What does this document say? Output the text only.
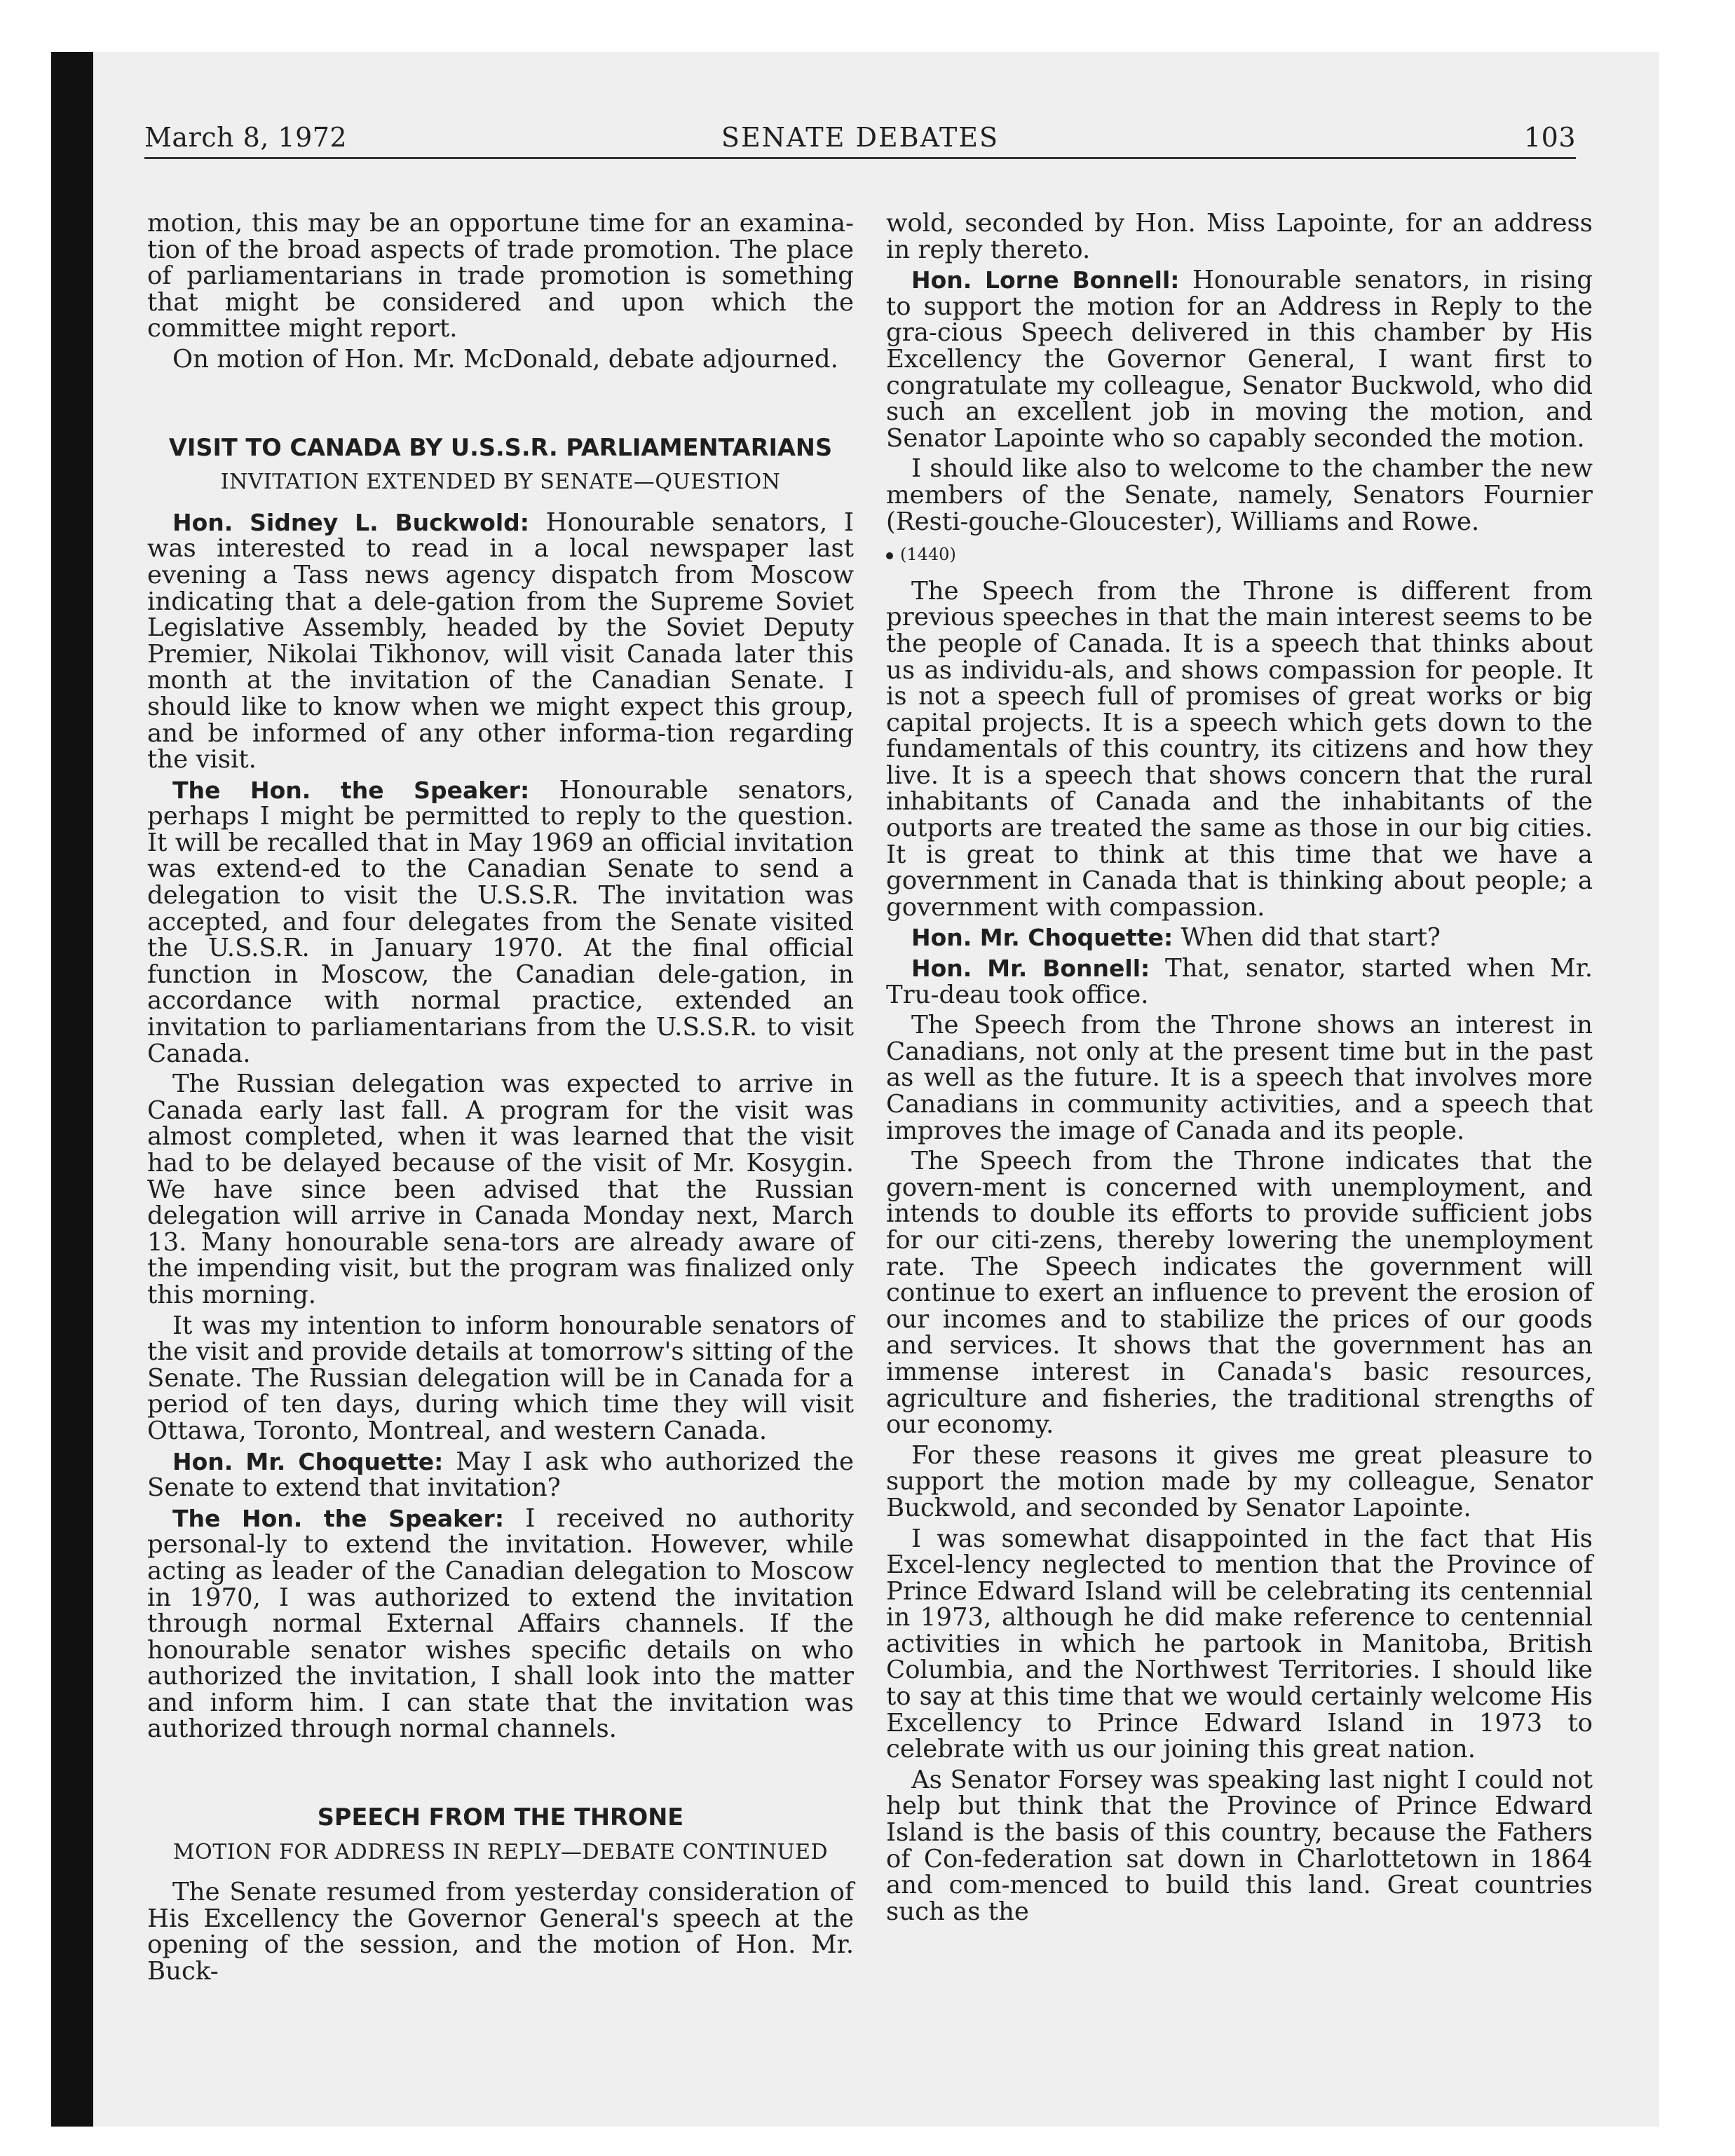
March 8, 1972	SENATE DEBATES	103

motion, this may be an opportune time for an examina-tion of the broad aspects of trade promotion. The place of parliamentarians in trade promotion is something that might be considered and upon which the committee might report.

On motion of Hon. Mr. McDonald, debate adjourned.

VISIT TO CANADA BY U.S.S.R. PARLIAMENTARIANS
INVITATION EXTENDED BY SENATE—QUESTION

Hon. Sidney L. Buckwold: Honourable senators, I was interested to read in a local newspaper last evening a Tass news agency dispatch from Moscow indicating that a dele-gation from the Supreme Soviet Legislative Assembly, headed by the Soviet Deputy Premier, Nikolai Tikhonov, will visit Canada later this month at the invitation of the Canadian Senate. I should like to know when we might expect this group, and be informed of any other informa-tion regarding the visit.

The Hon. the Speaker: Honourable senators, perhaps I might be permitted to reply to the question. It will be recalled that in May 1969 an official invitation was extend-ed to the Canadian Senate to send a delegation to visit the U.S.S.R. The invitation was accepted, and four delegates from the Senate visited the U.S.S.R. in January 1970. At the final official function in Moscow, the Canadian dele-gation, in accordance with normal practice, extended an invitation to parliamentarians from the U.S.S.R. to visit Canada.

The Russian delegation was expected to arrive in Canada early last fall. A program for the visit was almost completed, when it was learned that the visit had to be delayed because of the visit of Mr. Kosygin. We have since been advised that the Russian delegation will arrive in Canada Monday next, March 13. Many honourable sena-tors are already aware of the impending visit, but the program was finalized only this morning.

It was my intention to inform honourable senators of the visit and provide details at tomorrow's sitting of the Senate. The Russian delegation will be in Canada for a period of ten days, during which time they will visit Ottawa, Toronto, Montreal, and western Canada.

Hon. Mr. Choquette: May I ask who authorized the Senate to extend that invitation?

The Hon. the Speaker: I received no authority personal-ly to extend the invitation. However, while acting as leader of the Canadian delegation to Moscow in 1970, I was authorized to extend the invitation through normal External Affairs channels. If the honourable senator wishes specific details on who authorized the invitation, I shall look into the matter and inform him. I can state that the invitation was authorized through normal channels.

SPEECH FROM THE THRONE
MOTION FOR ADDRESS IN REPLY—DEBATE CONTINUED

The Senate resumed from yesterday consideration of His Excellency the Governor General's speech at the opening of the session, and the motion of Hon. Mr. Buck-

wold, seconded by Hon. Miss Lapointe, for an address in reply thereto.

Hon. Lorne Bonnell: Honourable senators, in rising to support the motion for an Address in Reply to the gra-cious Speech delivered in this chamber by His Excellency the Governor General, I want first to congratulate my colleague, Senator Buckwold, who did such an excellent job in moving the motion, and Senator Lapointe who so capably seconded the motion.

I should like also to welcome to the chamber the new members of the Senate, namely, Senators Fournier (Resti-gouche-Gloucester), Williams and Rowe.

(1440)

The Speech from the Throne is different from previous speeches in that the main interest seems to be the people of Canada. It is a speech that thinks about us as individu-als, and shows compassion for people. It is not a speech full of promises of great works or big capital projects. It is a speech which gets down to the fundamentals of this country, its citizens and how they live. It is a speech that shows concern that the rural inhabitants of Canada and the inhabitants of the outports are treated the same as those in our big cities. It is great to think at this time that we have a government in Canada that is thinking about people; a government with compassion.

Hon. Mr. Choquette: When did that start?

Hon. Mr. Bonnell: That, senator, started when Mr. Tru-deau took office.

The Speech from the Throne shows an interest in Canadians, not only at the present time but in the past as well as the future. It is a speech that involves more Canadians in community activities, and a speech that improves the image of Canada and its people.

The Speech from the Throne indicates that the govern-ment is concerned with unemployment, and intends to double its efforts to provide sufficient jobs for our citi-zens, thereby lowering the unemployment rate. The Speech indicates the government will continue to exert an influence to prevent the erosion of our incomes and to stabilize the prices of our goods and services. It shows that the government has an immense interest in Canada's basic resources, agriculture and fisheries, the traditional strengths of our economy.

For these reasons it gives me great pleasure to support the motion made by my colleague, Senator Buckwold, and seconded by Senator Lapointe.

I was somewhat disappointed in the fact that His Excel-lency neglected to mention that the Province of Prince Edward Island will be celebrating its centennial in 1973, although he did make reference to centennial activities in which he partook in Manitoba, British Columbia, and the Northwest Territories. I should like to say at this time that we would certainly welcome His Excellency to Prince Edward Island in 1973 to celebrate with us our joining this great nation.

As Senator Forsey was speaking last night I could not help but think that the Province of Prince Edward Island is the basis of this country, because the Fathers of Con-federation sat down in Charlottetown in 1864 and com-menced to build this land. Great countries such as the
